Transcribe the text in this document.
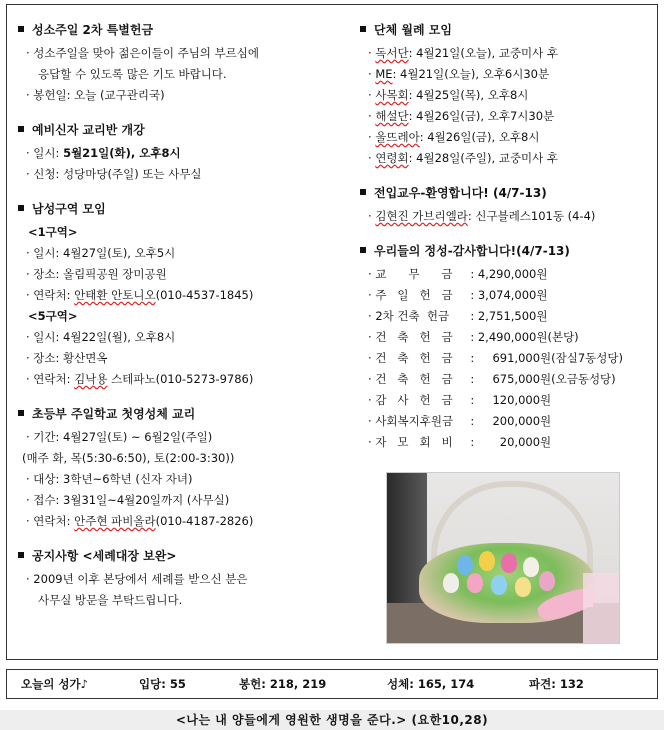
성소주일 2차 특별헌금
· 성소주일을 맞아 젊은이들이 주님의 부르심에
응답할 수 있도록 많은 기도 바랍니다.
· 봉헌일: 오늘 (교구관리국)
예비신자 교리반 개강
· 일시: 5월21일(화), 오후8시
· 신청: 성당마당(주일) 또는 사무실
남성구역 모임
<1구역>
· 일시: 4월27일(토), 오후5시
· 장소: 올림픽공원 장미공원
· 연락처: 안태환 안토니오(010-4537-1845)
<5구역>
· 일시: 4월22일(월), 오후8시
· 장소: 황산면옥
· 연락처: 김낙용 스테파노(010-5273-9786)
초등부 주일학교 첫영성체 교리
· 기간: 4월27일(토) ~ 6월2일(주일)
(매주 화, 목(5:30-6:50), 토(2:00-3:30))
· 대상: 3학년~6학년 (신자 자녀)
· 접수: 3월31일~4월20일까지 (사무실)
· 연락처: 안주현 파비올라(010-4187-2826)
공지사항 <세례대장 보완>
· 2009년 이후 본당에서 세례를 받으신 분은
사무실 방문을 부탁드립니다.
단체 월례 모임
· 독서단: 4월21일(오늘), 교중미사 후
· ME: 4월21일(오늘), 오후6시30분
· 사목회: 4월25일(목), 오후8시
· 해설단: 4월26일(금), 오후7시30분
· 울뜨레아: 4월26일(금), 오후8시
· 연령회: 4월28일(주일), 교중미사 후
전입교우-환영합니다! (4/7-13)
· 김현진 가브리엘라: 신구블레스101동 (4-4)
우리들의 정성-감사합니다!(4/7-13)
· 교      무      금 : 4,290,000원
· 주   일   헌   금 : 3,074,000원
· 2차 건축  헌금 : 2,751,500원
· 건   축   헌   금 : 2,490,000원(본당)
· 건   축   헌   금 :     691,000원(잠실7동성당)
· 건   축   헌   금 :     675,000원(오금동성당)
· 감   사   헌   금 :     120,000원
· 사회복지후원금 :     200,000원
· 자   모   회   비 :       20,000원
오늘의 성가♪	입당: 55	봉헌: 218, 219	성체: 165, 174	파견: 132
<나는 내 양들에게 영원한 생명을 준다.> (요한10,28)
